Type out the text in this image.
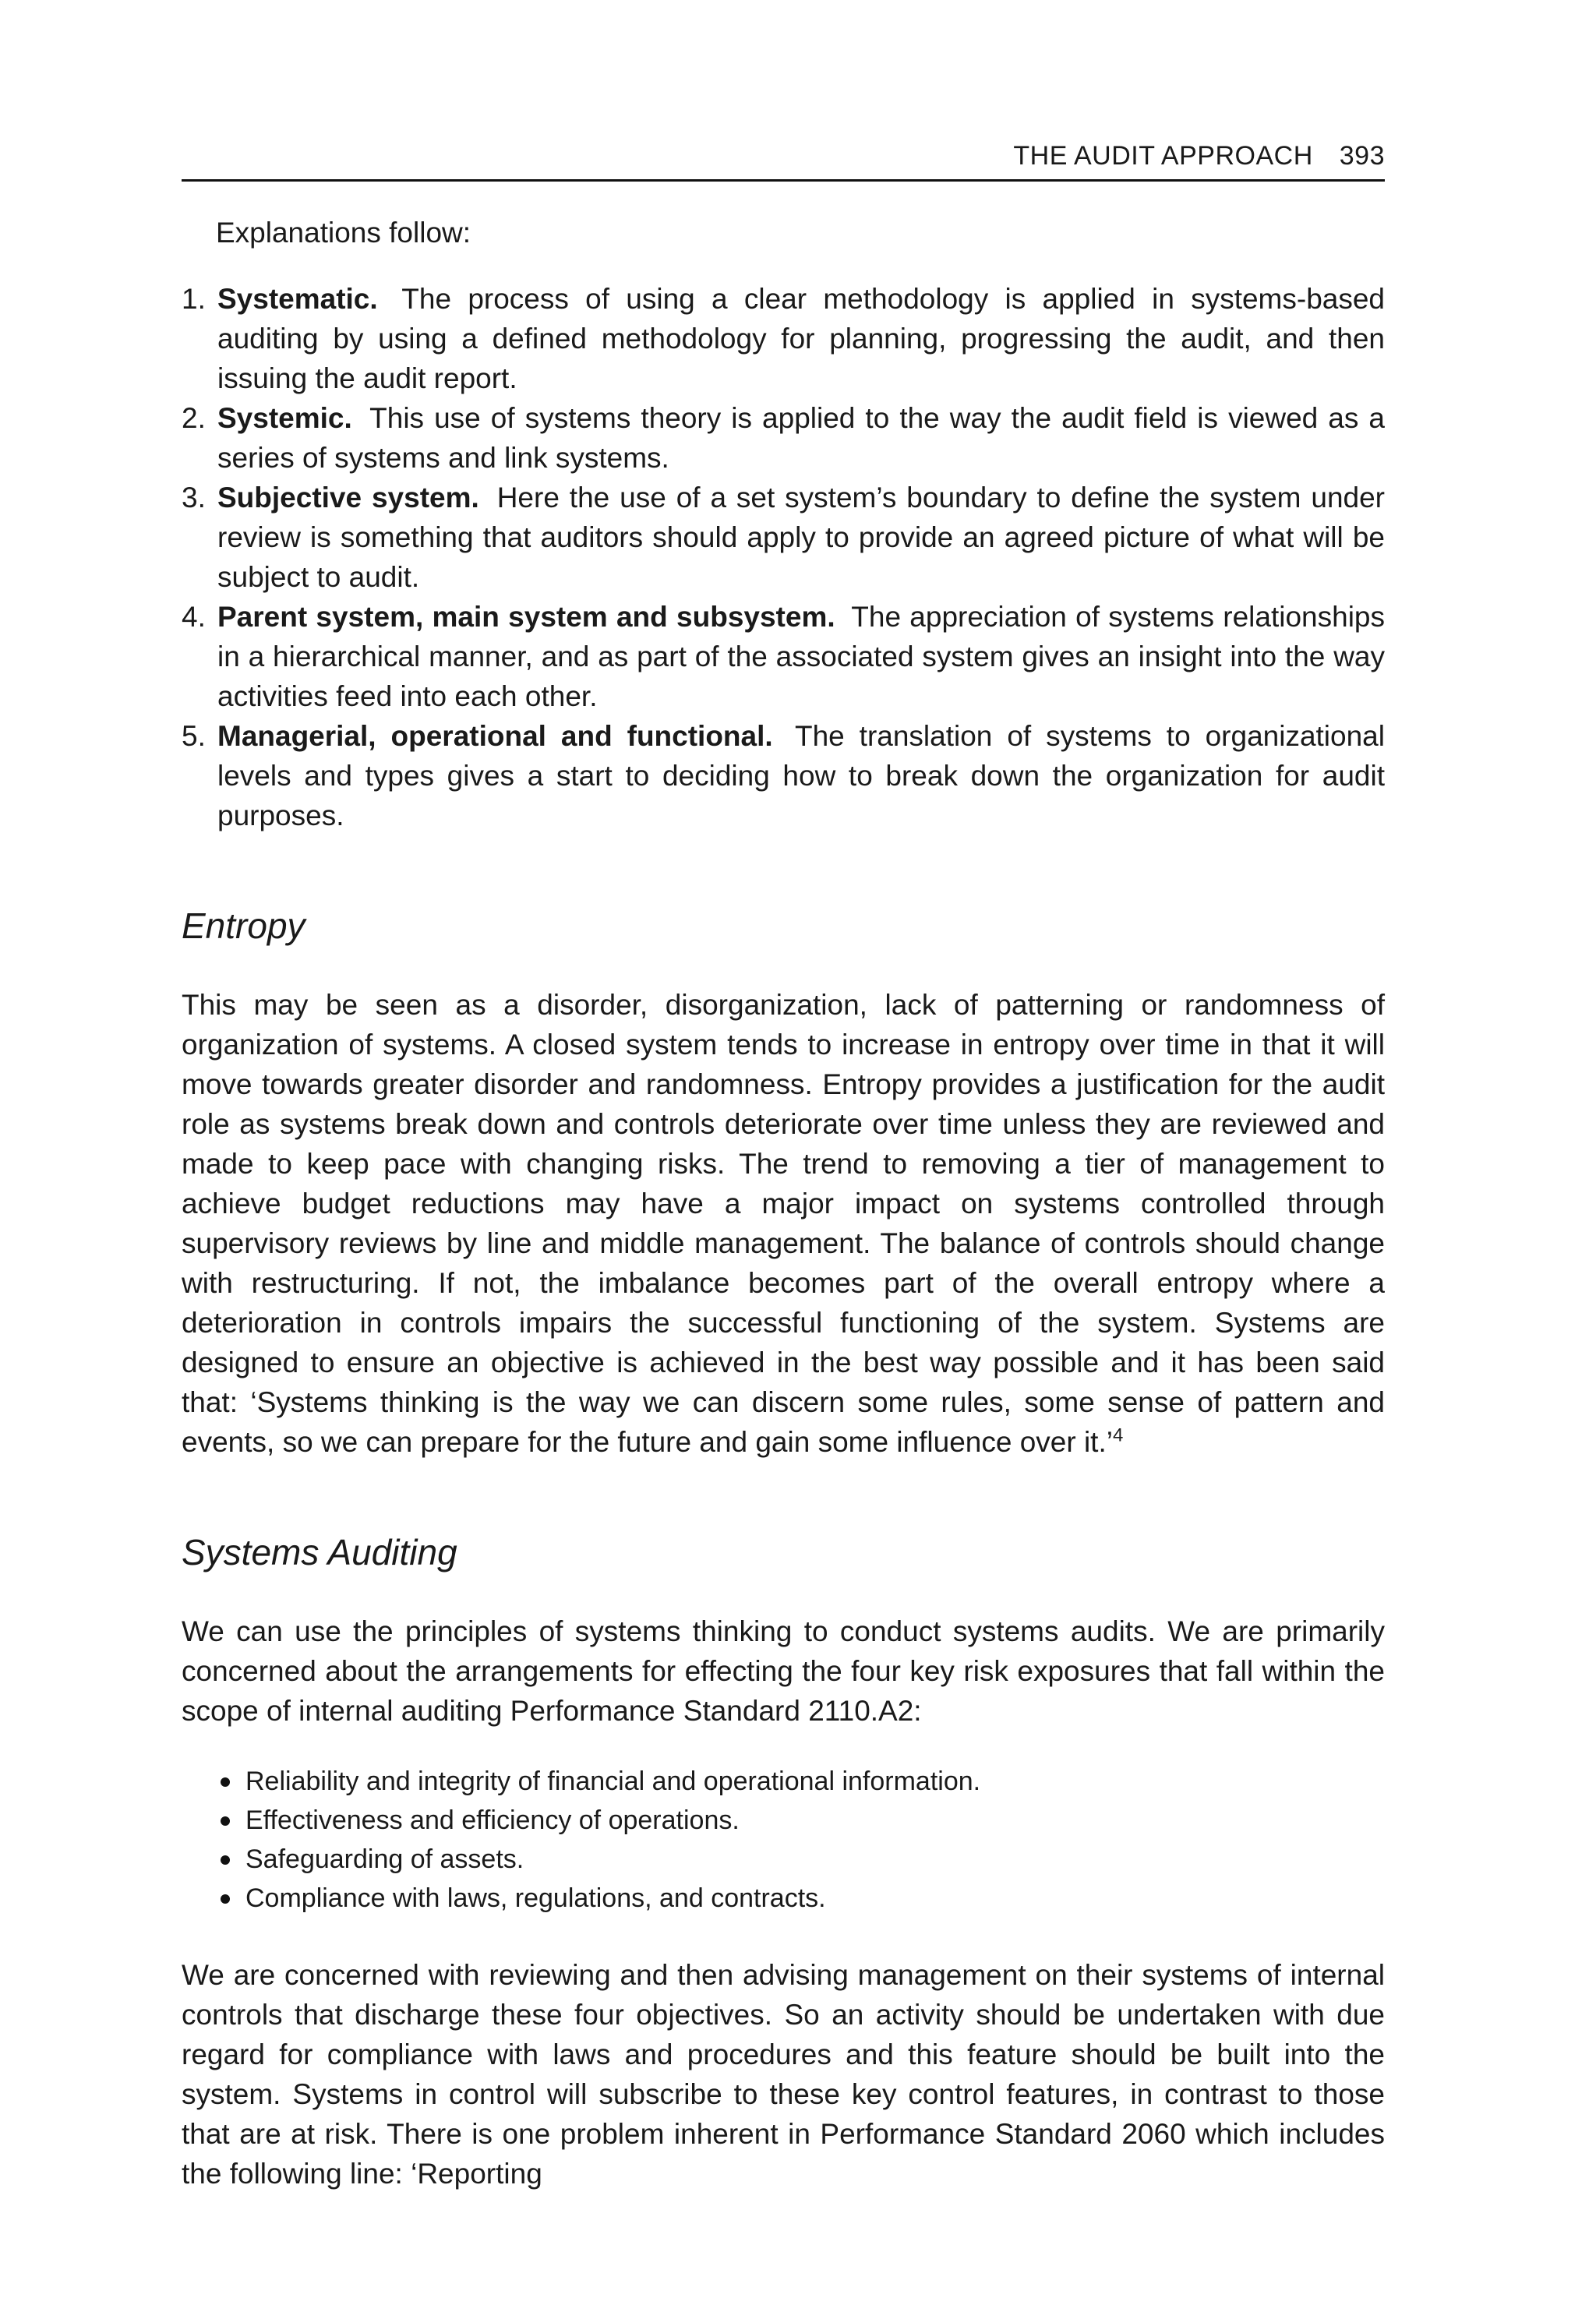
THE AUDIT APPROACH 393
Explanations follow:
1. Systematic. The process of using a clear methodology is applied in systems-based auditing by using a defined methodology for planning, progressing the audit, and then issuing the audit report.
2. Systemic. This use of systems theory is applied to the way the audit field is viewed as a series of systems and link systems.
3. Subjective system. Here the use of a set system’s boundary to define the system under review is something that auditors should apply to provide an agreed picture of what will be subject to audit.
4. Parent system, main system and subsystem. The appreciation of systems relationships in a hierarchical manner, and as part of the associated system gives an insight into the way activities feed into each other.
5. Managerial, operational and functional. The translation of systems to organizational levels and types gives a start to deciding how to break down the organization for audit purposes.
Entropy

This may be seen as a disorder, disorganization, lack of patterning or randomness of organization of systems. A closed system tends to increase in entropy over time in that it will move towards greater disorder and randomness. Entropy provides a justification for the audit role as systems break down and controls deteriorate over time unless they are reviewed and made to keep pace with changing risks. The trend to removing a tier of management to achieve budget reductions may have a major impact on systems controlled through supervisory reviews by line and middle management. The balance of controls should change with restructuring. If not, the imbalance becomes part of the overall entropy where a deterioration in controls impairs the successful functioning of the system. Systems are designed to ensure an objective is achieved in the best way possible and it has been said that: ‘Systems thinking is the way we can discern some rules, some sense of pattern and events, so we can prepare for the future and gain some influence over it.’$^4$

Systems Auditing

We can use the principles of systems thinking to conduct systems audits. We are primarily concerned about the arrangements for effecting the four key risk exposures that fall within the scope of internal auditing Performance Standard 2110.A2:

Reliability and integrity of financial and operational information.
Effectiveness and efficiency of operations.
Safeguarding of assets.
Compliance with laws, regulations, and contracts.

We are concerned with reviewing and then advising management on their systems of internal controls that discharge these four objectives. So an activity should be undertaken with due regard for compliance with laws and procedures and this feature should be built into the system. Systems in control will subscribe to these key control features, in contrast to those that are at risk. There is one problem inherent in Performance Standard 2060 which includes the following line: ‘Reporting
